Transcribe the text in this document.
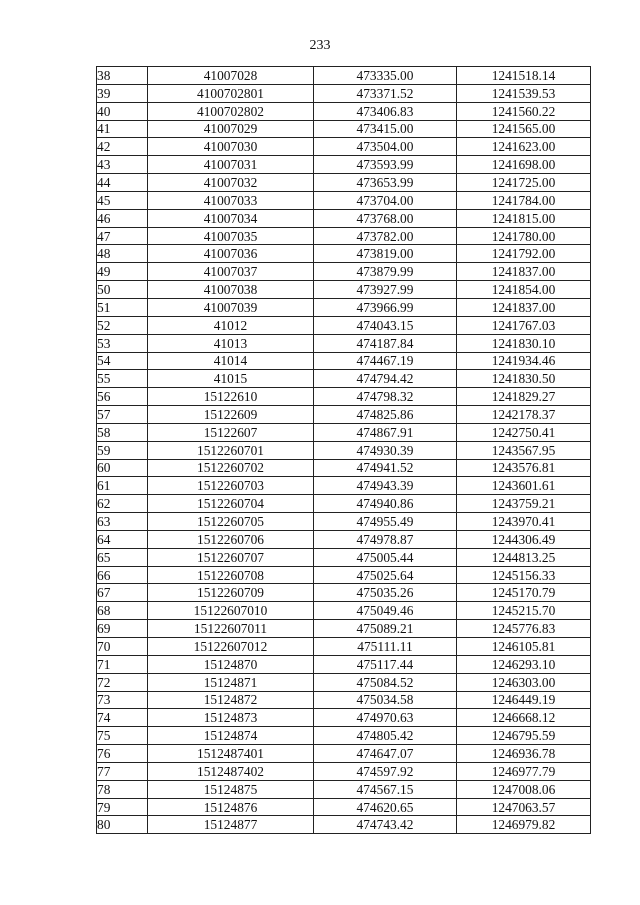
233
38	41007028	473335.00	1241518.14
39	4100702801	473371.52	1241539.53
40	4100702802	473406.83	1241560.22
41	41007029	473415.00	1241565.00
42	41007030	473504.00	1241623.00
43	41007031	473593.99	1241698.00
44	41007032	473653.99	1241725.00
45	41007033	473704.00	1241784.00
46	41007034	473768.00	1241815.00
47	41007035	473782.00	1241780.00
48	41007036	473819.00	1241792.00
49	41007037	473879.99	1241837.00
50	41007038	473927.99	1241854.00
51	41007039	473966.99	1241837.00
52	41012	474043.15	1241767.03
53	41013	474187.84	1241830.10
54	41014	474467.19	1241934.46
55	41015	474794.42	1241830.50
56	15122610	474798.32	1241829.27
57	15122609	474825.86	1242178.37
58	15122607	474867.91	1242750.41
59	1512260701	474930.39	1243567.95
60	1512260702	474941.52	1243576.81
61	1512260703	474943.39	1243601.61
62	1512260704	474940.86	1243759.21
63	1512260705	474955.49	1243970.41
64	1512260706	474978.87	1244306.49
65	1512260707	475005.44	1244813.25
66	1512260708	475025.64	1245156.33
67	1512260709	475035.26	1245170.79
68	15122607010	475049.46	1245215.70
69	15122607011	475089.21	1245776.83
70	15122607012	475111.11	1246105.81
71	15124870	475117.44	1246293.10
72	15124871	475084.52	1246303.00
73	15124872	475034.58	1246449.19
74	15124873	474970.63	1246668.12
75	15124874	474805.42	1246795.59
76	1512487401	474647.07	1246936.78
77	1512487402	474597.92	1246977.79
78	15124875	474567.15	1247008.06
79	15124876	474620.65	1247063.57
80	15124877	474743.42	1246979.82
